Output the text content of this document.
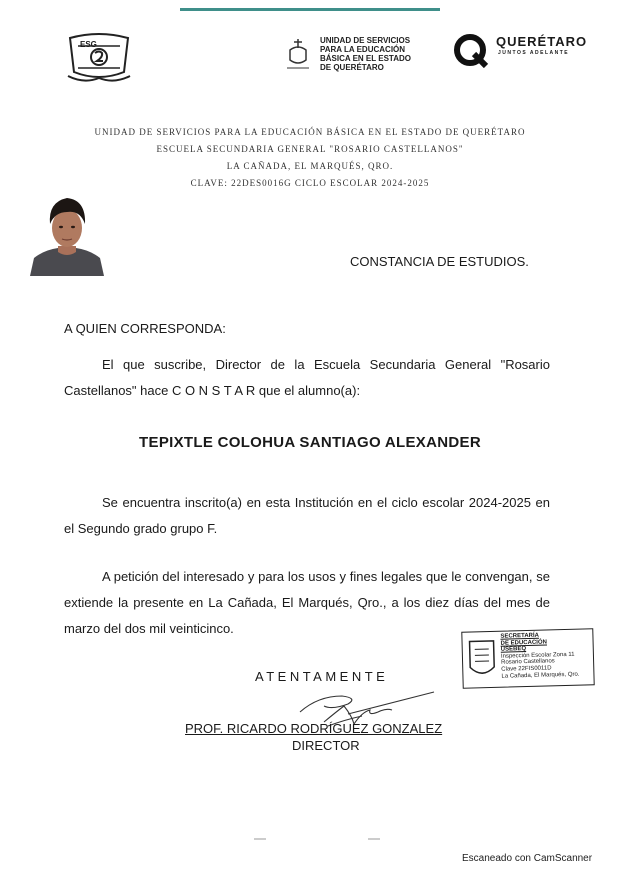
ESG	UNIDAD DE SERVICIOS
PARA LA EDUCACIÓN
BÁSICA EN EL ESTADO
DE QUERÉTARO
QUERÉTARO
JUNTOS ADELANTE
UNIDAD DE SERVICIOS PARA LA EDUCACIÓN BÁSICA EN EL ESTADO DE QUERÉTARO
ESCUELA SECUNDARIA GENERAL "ROSARIO CASTELLANOS"
LA CAÑADA, EL MARQUÉS, QRO.
CLAVE: 22DES0016G CICLO ESCOLAR 2024-2025
CONSTANCIA DE ESTUDIOS.
A QUIEN CORRESPONDA:
El que suscribe, Director de la Escuela Secundaria General "Rosario Castellanos" hace C O N S T A R que el alumno(a):
TEPIXTLE COLOHUA SANTIAGO ALEXANDER
Se encuentra inscrito(a) en esta Institución en el ciclo escolar 2024-2025 en el Segundo grado grupo F.
A petición del interesado y para los usos y fines legales que le convengan, se extiende la presente en La Cañada, El Marqués, Qro., a los diez días del mes de marzo del dos mil veinticinco.
SECRETARÍA
DE EDUCACIÓN
USEBEQ
Inspección Escolar Zona 11
Rosario Castellanos
Clave 22FIS0011D
La Cañada, El Marqués, Qro.
ATENTAMENTE
PROF. RICARDO RODRÍGUEZ GONZALEZ
DIRECTOR
Escaneado con CamScanner
